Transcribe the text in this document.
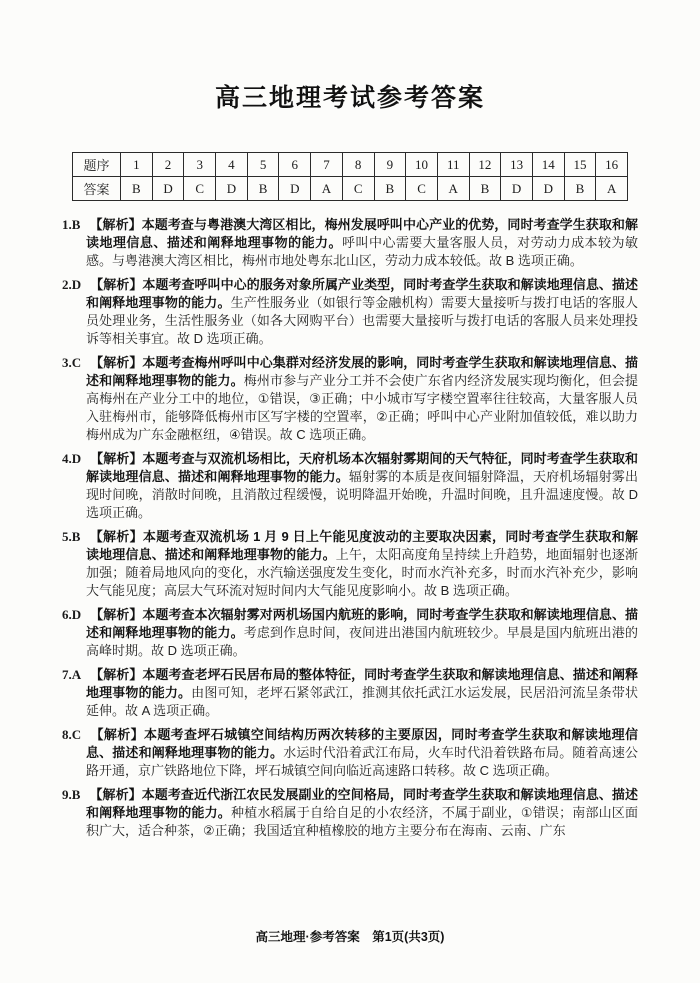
高三地理考试参考答案
题序	1	2	3	4	5	6	7	8	9	10	11	12	13	14	15	16
答案	B	D	C	D	B	D	A	C	B	C	A	B	D	D	B	A

1.B 【解析】本题考查与粤港澳大湾区相比，梅州发展呼叫中心产业的优势，同时考查学生获取和解读地理信息、描述和阐释地理事物的能力。呼叫中心需要大量客服人员，对劳动力成本较为敏感。与粤港澳大湾区相比，梅州市地处粤东北山区，劳动力成本较低。故 B 选项正确。

2.D 【解析】本题考查呼叫中心的服务对象所属产业类型，同时考查学生获取和解读地理信息、描述和阐释地理事物的能力。生产性服务业（如银行等金融机构）需要大量接听与拨打电话的客服人员处理业务，生活性服务业（如各大网购平台）也需要大量接听与拨打电话的客服人员来处理投诉等相关事宜。故 D 选项正确。

3.C 【解析】本题考查梅州呼叫中心集群对经济发展的影响，同时考查学生获取和解读地理信息、描述和阐释地理事物的能力。梅州市参与产业分工并不会使广东省内经济发展实现均衡化，但会提高梅州在产业分工中的地位，①错误，③正确；中小城市写字楼空置率往往较高，大量客服人员入驻梅州市，能够降低梅州市区写字楼的空置率，②正确；呼叫中心产业附加值较低，难以助力梅州成为广东金融枢纽，④错误。故 C 选项正确。

4.D 【解析】本题考查与双流机场相比，天府机场本次辐射雾期间的天气特征，同时考查学生获取和解读地理信息、描述和阐释地理事物的能力。辐射雾的本质是夜间辐射降温，天府机场辐射雾出现时间晚，消散时间晚，且消散过程缓慢，说明降温开始晚，升温时间晚，且升温速度慢。故 D 选项正确。

5.B 【解析】本题考查双流机场 1 月 9 日上午能见度波动的主要取决因素，同时考查学生获取和解读地理信息、描述和阐释地理事物的能力。上午，太阳高度角呈持续上升趋势，地面辐射也逐渐加强；随着局地风向的变化，水汽输送强度发生变化，时而水汽补充多，时而水汽补充少，影响大气能见度；高层大气环流对短时间内大气能见度影响小。故 B 选项正确。

6.D 【解析】本题考查本次辐射雾对两机场国内航班的影响，同时考查学生获取和解读地理信息、描述和阐释地理事物的能力。考虑到作息时间，夜间进出港国内航班较少。早晨是国内航班出港的高峰时期。故 D 选项正确。

7.A 【解析】本题考查老坪石民居布局的整体特征，同时考查学生获取和解读地理信息、描述和阐释地理事物的能力。由图可知，老坪石紧邻武江，推测其依托武江水运发展，民居沿河流呈条带状延伸。故 A 选项正确。

8.C 【解析】本题考查坪石城镇空间结构历两次转移的主要原因，同时考查学生获取和解读地理信息、描述和阐释地理事物的能力。水运时代沿着武江布局，火车时代沿着铁路布局。随着高速公路开通，京广铁路地位下降，坪石城镇空间向临近高速路口转移。故 C 选项正确。

9.B 【解析】本题考查近代浙江农民发展副业的空间格局，同时考查学生获取和解读地理信息、描述和阐释地理事物的能力。种植水稻属于自给自足的小农经济，不属于副业，①错误；南部山区面积广大，适合种茶，②正确；我国适宜种植橡胶的地方主要分布在海南、云南、广东

高三地理·参考答案　第1页(共3页)
